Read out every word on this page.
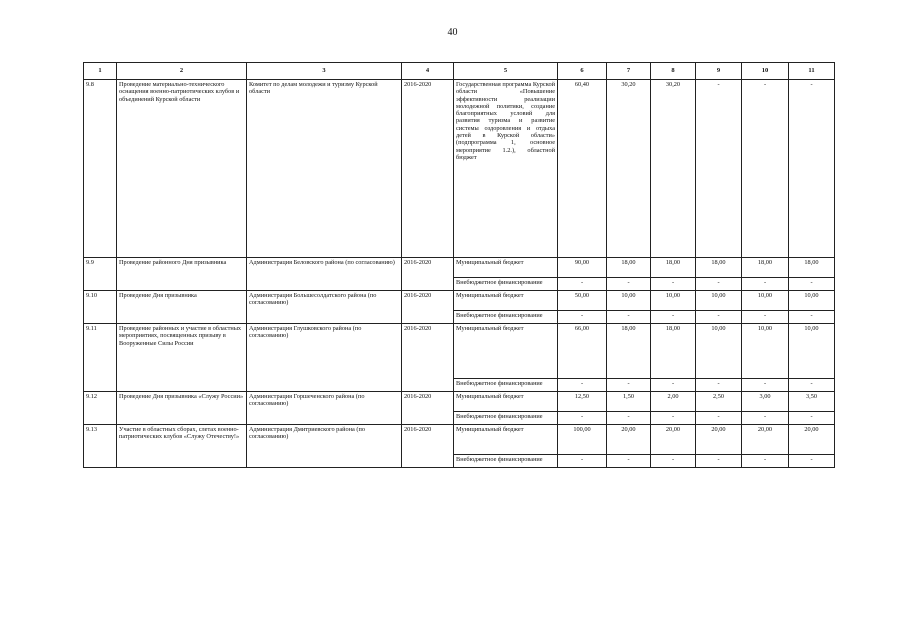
40
1	2	3	4	5	6	7	8	9	10	11
9.8	Проведение материально-технического оснащения военно-патриотических клубов и объединений Курской области	Комитет по делам молодежи и туризму Курской области	2016-2020	Государственная программа Курской области «Повышение эффективности реализации молодежной политики, создание благоприятных условий для развития туризма и развитие системы оздоровления и отдыха детей в Курской области» (подпрограмма 1, основное мероприятие 1.2.), областной бюджет	60,40	30,20	30,20	-	-	-
9.9	Проведение районного Дня призывника	Администрация Беловского района (по согласованию)	2016-2020	Муниципальный бюджет	90,00	18,00	18,00	18,00	18,00	18,00
				Внебюджетное финансирование	-	-	-	-	-	-
9.10	Проведение Дня призывника	Администрация Большесолдатского района (по согласованию)	2016-2020	Муниципальный бюджет	50,00	10,00	10,00	10,00	10,00	10,00
				Внебюджетное финансирование	-	-	-	-	-	-
9.11	Проведение районных и участие в областных мероприятиях, посвященных призыву в Вооруженные Силы России	Администрация Глушковского района (по согласованию)	2016-2020	Муниципальный бюджет	66,00	18,00	18,00	10,00	10,00	10,00
				Внебюджетное финансирование	-	-	-	-	-	-
9.12	Проведение Дня призывника «Служу России»	Администрация Горшеченского района (по согласованию)	2016-2020	Муниципальный бюджет	12,50	1,50	2,00	2,50	3,00	3,50
				Внебюджетное финансирование	-	-	-	-	-	-
9.13	Участие в областных сборах, слетах военно-патриотических клубов «Служу Отечеству!»	Администрация Дмитриевского района (по согласованию)	2016-2020	Муниципальный бюджет	100,00	20,00	20,00	20,00	20,00	20,00
				Внебюджетное финансирование	-	-	-	-	-	-
